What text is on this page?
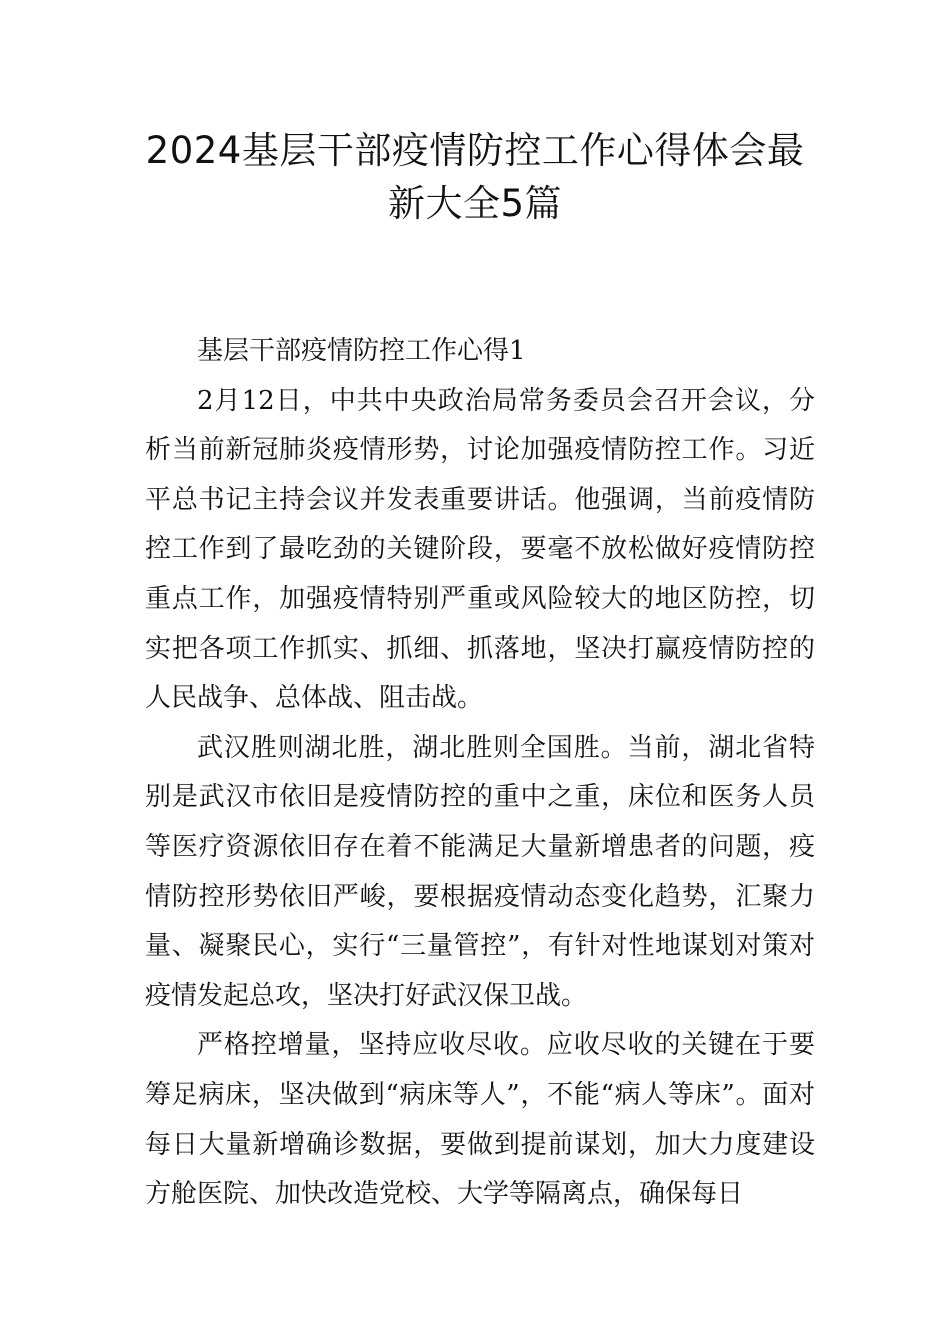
2024基层干部疫情防控工作心得体会最
新大全5篇

基层干部疫情防控工作心得1

2月12日，中共中央政治局常务委员会召开会议，分析当前新冠肺炎疫情形势，讨论加强疫情防控工作。习近平总书记主持会议并发表重要讲话。他强调，当前疫情防控工作到了最吃劲的关键阶段，要毫不放松做好疫情防控重点工作，加强疫情特别严重或风险较大的地区防控，切实把各项工作抓实、抓细、抓落地，坚决打赢疫情防控的人民战争、总体战、阻击战。

武汉胜则湖北胜，湖北胜则全国胜。当前，湖北省特别是武汉市依旧是疫情防控的重中之重，床位和医务人员等医疗资源依旧存在着不能满足大量新增患者的问题，疫情防控形势依旧严峻，要根据疫情动态变化趋势，汇聚力量、凝聚民心，实行“三量管控”，有针对性地谋划对策对疫情发起总攻，坚决打好武汉保卫战。

严格控增量，坚持应收尽收。应收尽收的关键在于要筹足病床，坚决做到“病床等人”，不能“病人等床”。面对每日大量新增确诊数据，要做到提前谋划，加大力度建设方舱医院、加快改造党校、大学等隔离点，确保每日
